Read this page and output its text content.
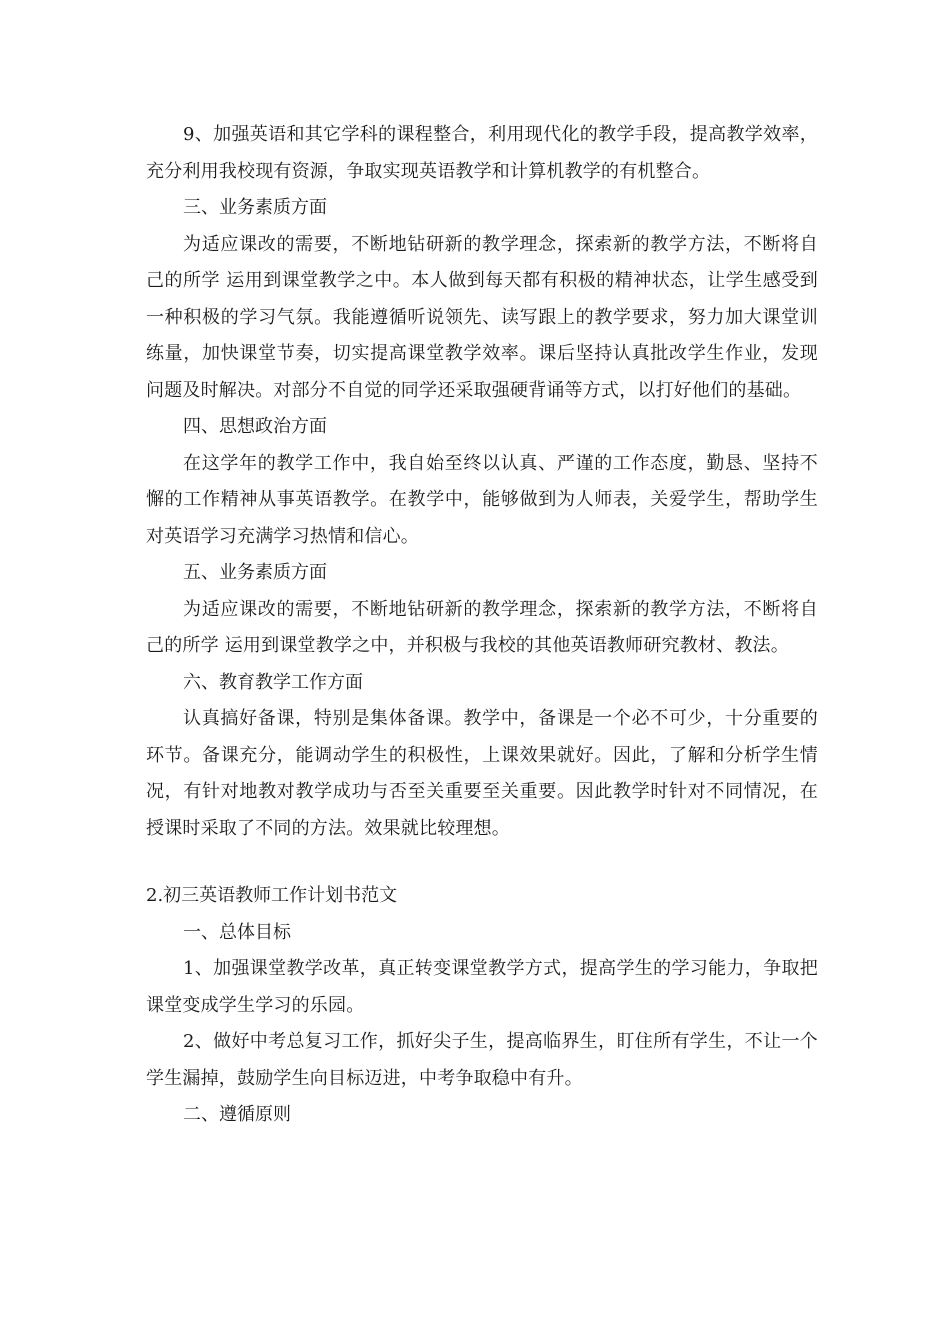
9、加强英语和其它学科的课程整合，利用现代化的教学手段，提高教学效率，充分利用我校现有资源，争取实现英语教学和计算机教学的有机整合。

三、业务素质方面

为适应课改的需要，不断地钻研新的教学理念，探索新的教学方法，不断将自己的所学 运用到课堂教学之中。本人做到每天都有积极的精神状态，让学生感受到一种积极的学习气氛。我能遵循听说领先、读写跟上的教学要求，努力加大课堂训练量，加快课堂节奏，切实提高课堂教学效率。课后坚持认真批改学生作业，发现问题及时解决。对部分不自觉的同学还采取强硬背诵等方式，以打好他们的基础。

四、思想政治方面

在这学年的教学工作中，我自始至终以认真、严谨的工作态度，勤恳、坚持不懈的工作精神从事英语教学。在教学中，能够做到为人师表，关爱学生，帮助学生对英语学习充满学习热情和信心。

五、业务素质方面

为适应课改的需要，不断地钻研新的教学理念，探索新的教学方法，不断将自己的所学 运用到课堂教学之中，并积极与我校的其他英语教师研究教材、教法。

六、教育教学工作方面

认真搞好备课，特别是集体备课。教学中，备课是一个必不可少，十分重要的环节。备课充分，能调动学生的积极性，上课效果就好。因此，了解和分析学生情况，有针对地教对教学成功与否至关重要至关重要。因此教学时针对不同情况，在授课时采取了不同的方法。效果就比较理想。

2.初三英语教师工作计划书范文

一、总体目标

1、加强课堂教学改革，真正转变课堂教学方式，提高学生的学习能力，争取把课堂变成学生学习的乐园。

2、做好中考总复习工作，抓好尖子生，提高临界生，盯住所有学生，不让一个学生漏掉，鼓励学生向目标迈进，中考争取稳中有升。

二、遵循原则
